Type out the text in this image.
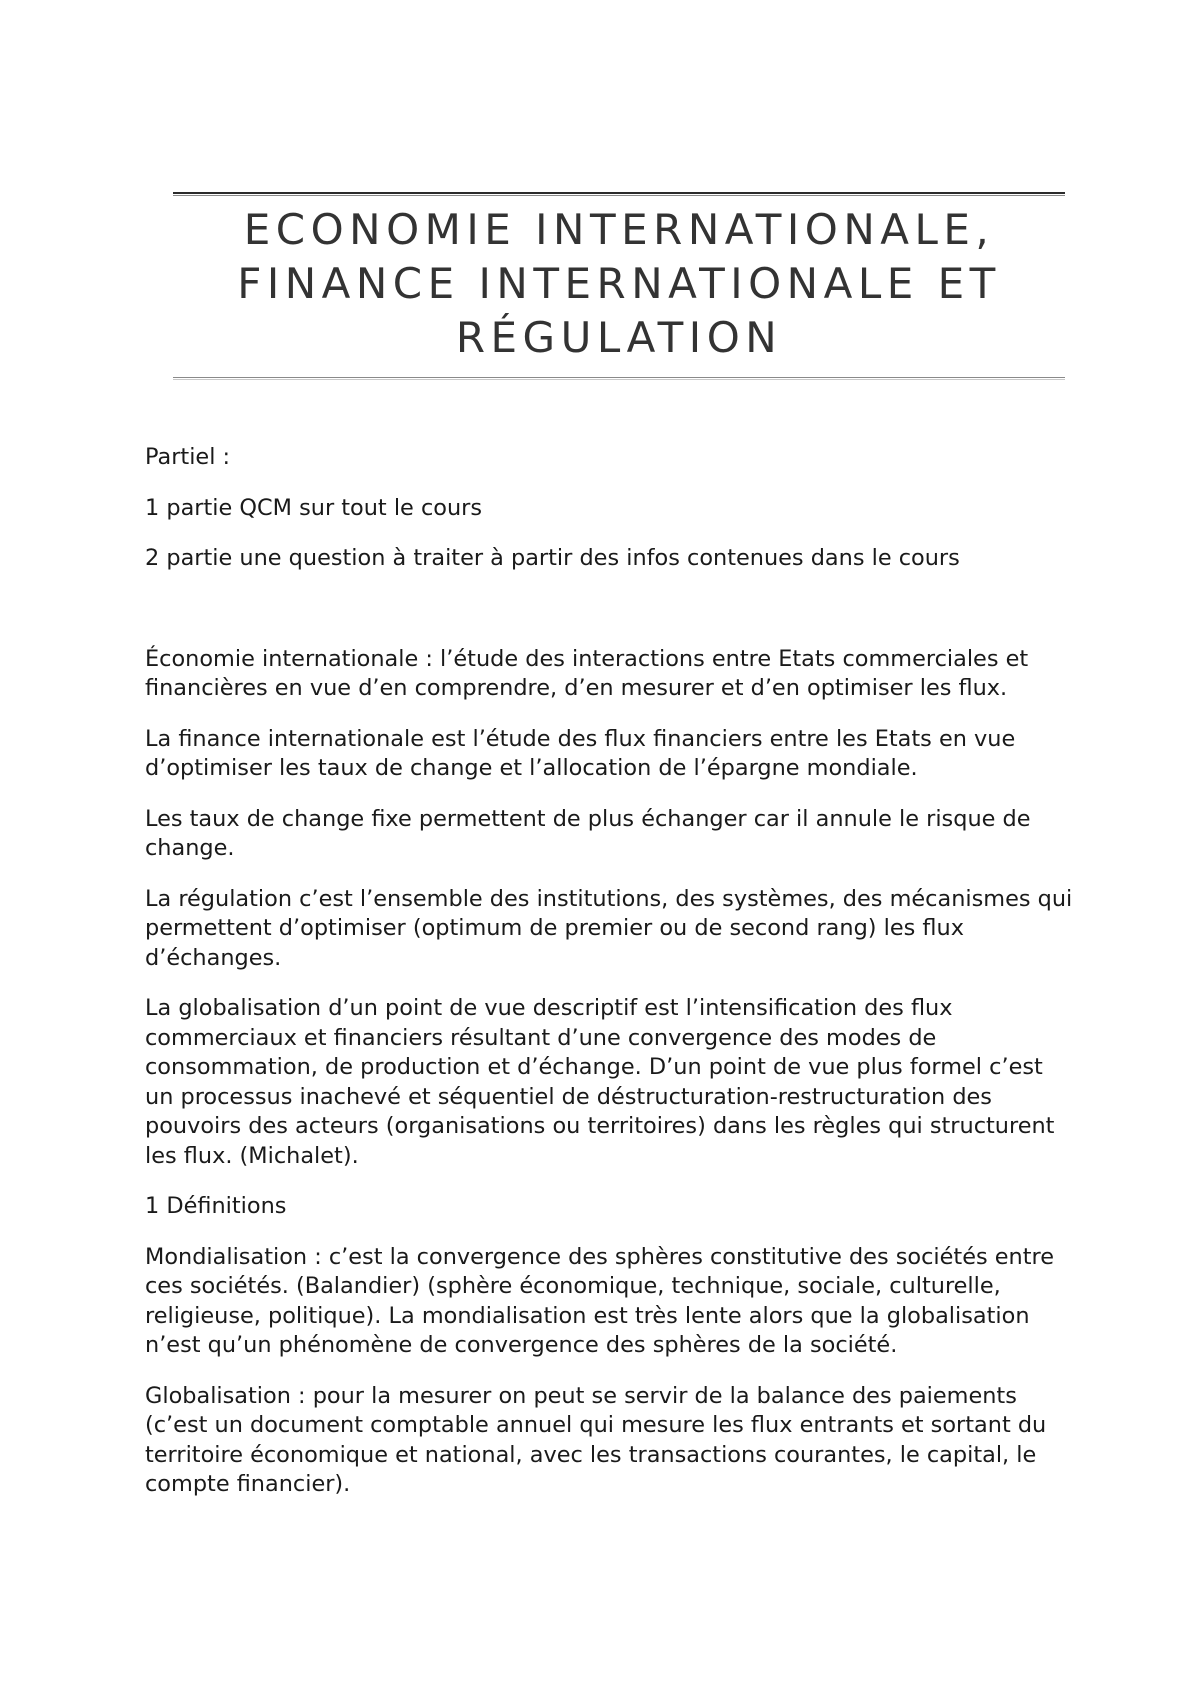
ECONOMIE INTERNATIONALE,
FINANCE INTERNATIONALE ET
RÉGULATION

Partiel :

1 partie QCM sur tout le cours

2 partie une question à traiter à partir des infos contenues dans le cours

Économie internationale : l’étude des interactions entre Etats commerciales et financières en vue d’en comprendre, d’en mesurer et d’en optimiser les flux.

La finance internationale est l’étude des flux financiers entre les Etats en vue d’optimiser les taux de change et l’allocation de l’épargne mondiale.

Les taux de change fixe permettent de plus échanger car il annule le risque de change.

La régulation c’est l’ensemble des institutions, des systèmes, des mécanismes qui permettent d’optimiser (optimum de premier ou de second rang) les flux d’échanges.

La globalisation d’un point de vue descriptif est l’intensification des flux commerciaux et financiers résultant d’une convergence des modes de consommation, de production et d’échange. D’un point de vue plus formel c’est un processus inachevé et séquentiel de déstructuration-restructuration des pouvoirs des acteurs (organisations ou territoires) dans les règles qui structurent les flux. (Michalet).

1 Définitions

Mondialisation : c’est la convergence des sphères constitutive des sociétés entre ces sociétés. (Balandier) (sphère économique, technique, sociale, culturelle, religieuse, politique). La mondialisation est très lente alors que la globalisation n’est qu’un phénomène de convergence des sphères de la société.

Globalisation : pour la mesurer on peut se servir de la balance des paiements (c’est un document comptable annuel qui mesure les flux entrants et sortant du territoire économique et national, avec les transactions courantes, le capital, le compte financier).
